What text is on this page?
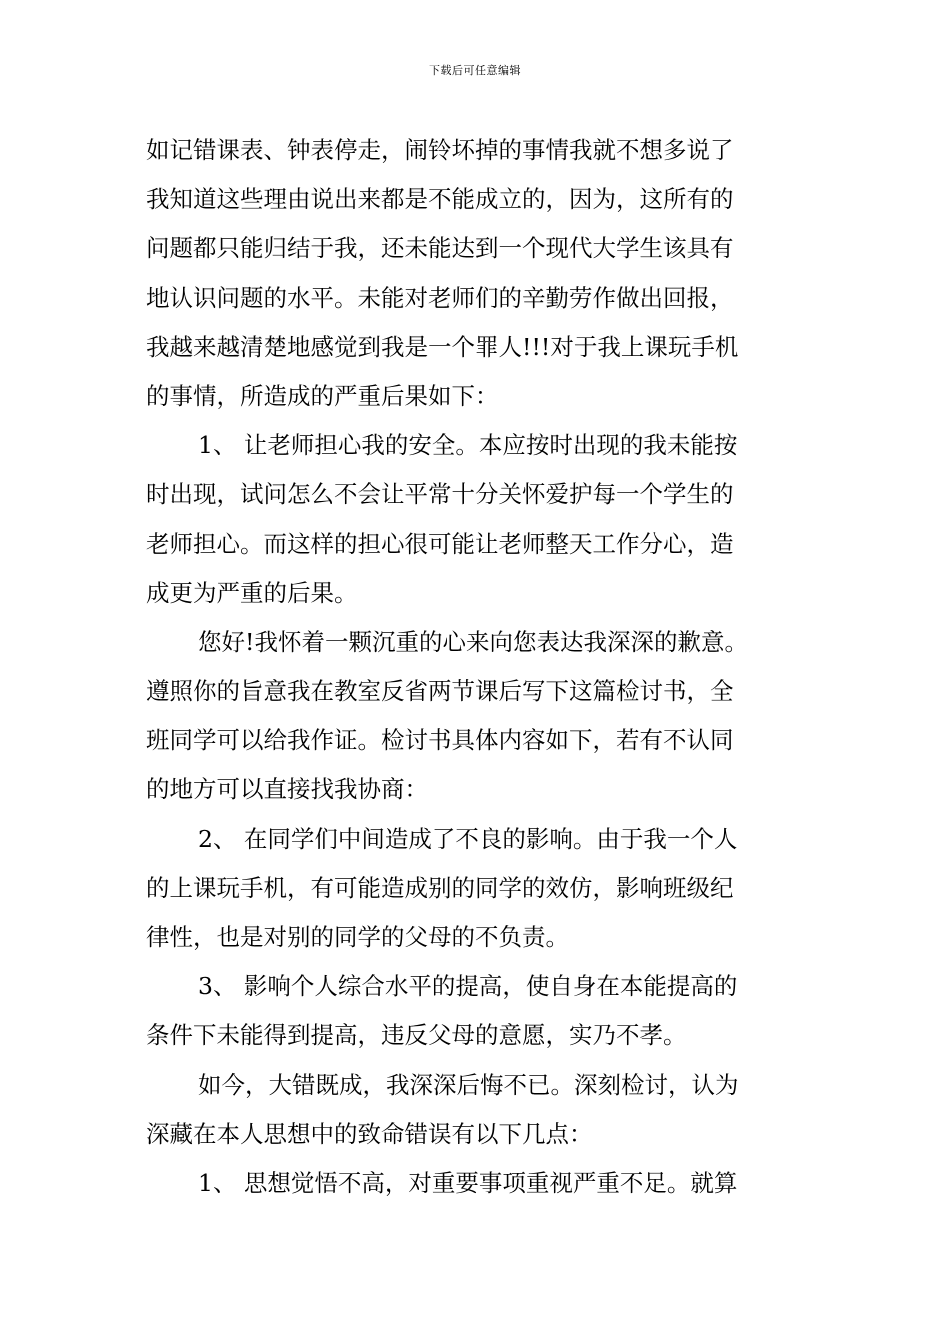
下载后可任意编辑
如记错课表、钟表停走，闹铃坏掉的事情我就不想多说了
我知道这些理由说出来都是不能成立的，因为，这所有的
问题都只能归结于我，还未能达到一个现代大学生该具有
地认识问题的水平。未能对老师们的辛勤劳作做出回报，
我越来越清楚地感觉到我是一个罪人!!!对于我上课玩手机
的事情，所造成的严重后果如下：
1、 让老师担心我的安全。本应按时出现的我未能按
时出现，试问怎么不会让平常十分关怀爱护每一个学生的
老师担心。而这样的担心很可能让老师整天工作分心，造
成更为严重的后果。
您好!我怀着一颗沉重的心来向您表达我深深的歉意。
遵照你的旨意我在教室反省两节课后写下这篇检讨书，全
班同学可以给我作证。检讨书具体内容如下，若有不认同
的地方可以直接找我协商：
2、 在同学们中间造成了不良的影响。由于我一个人
的上课玩手机，有可能造成别的同学的效仿，影响班级纪
律性，也是对别的同学的父母的不负责。
3、 影响个人综合水平的提高，使自身在本能提高的
条件下未能得到提高，违反父母的意愿，实乃不孝。
如今，大错既成，我深深后悔不已。深刻检讨，认为
深藏在本人思想中的致命错误有以下几点：
1、 思想觉悟不高，对重要事项重视严重不足。就算
